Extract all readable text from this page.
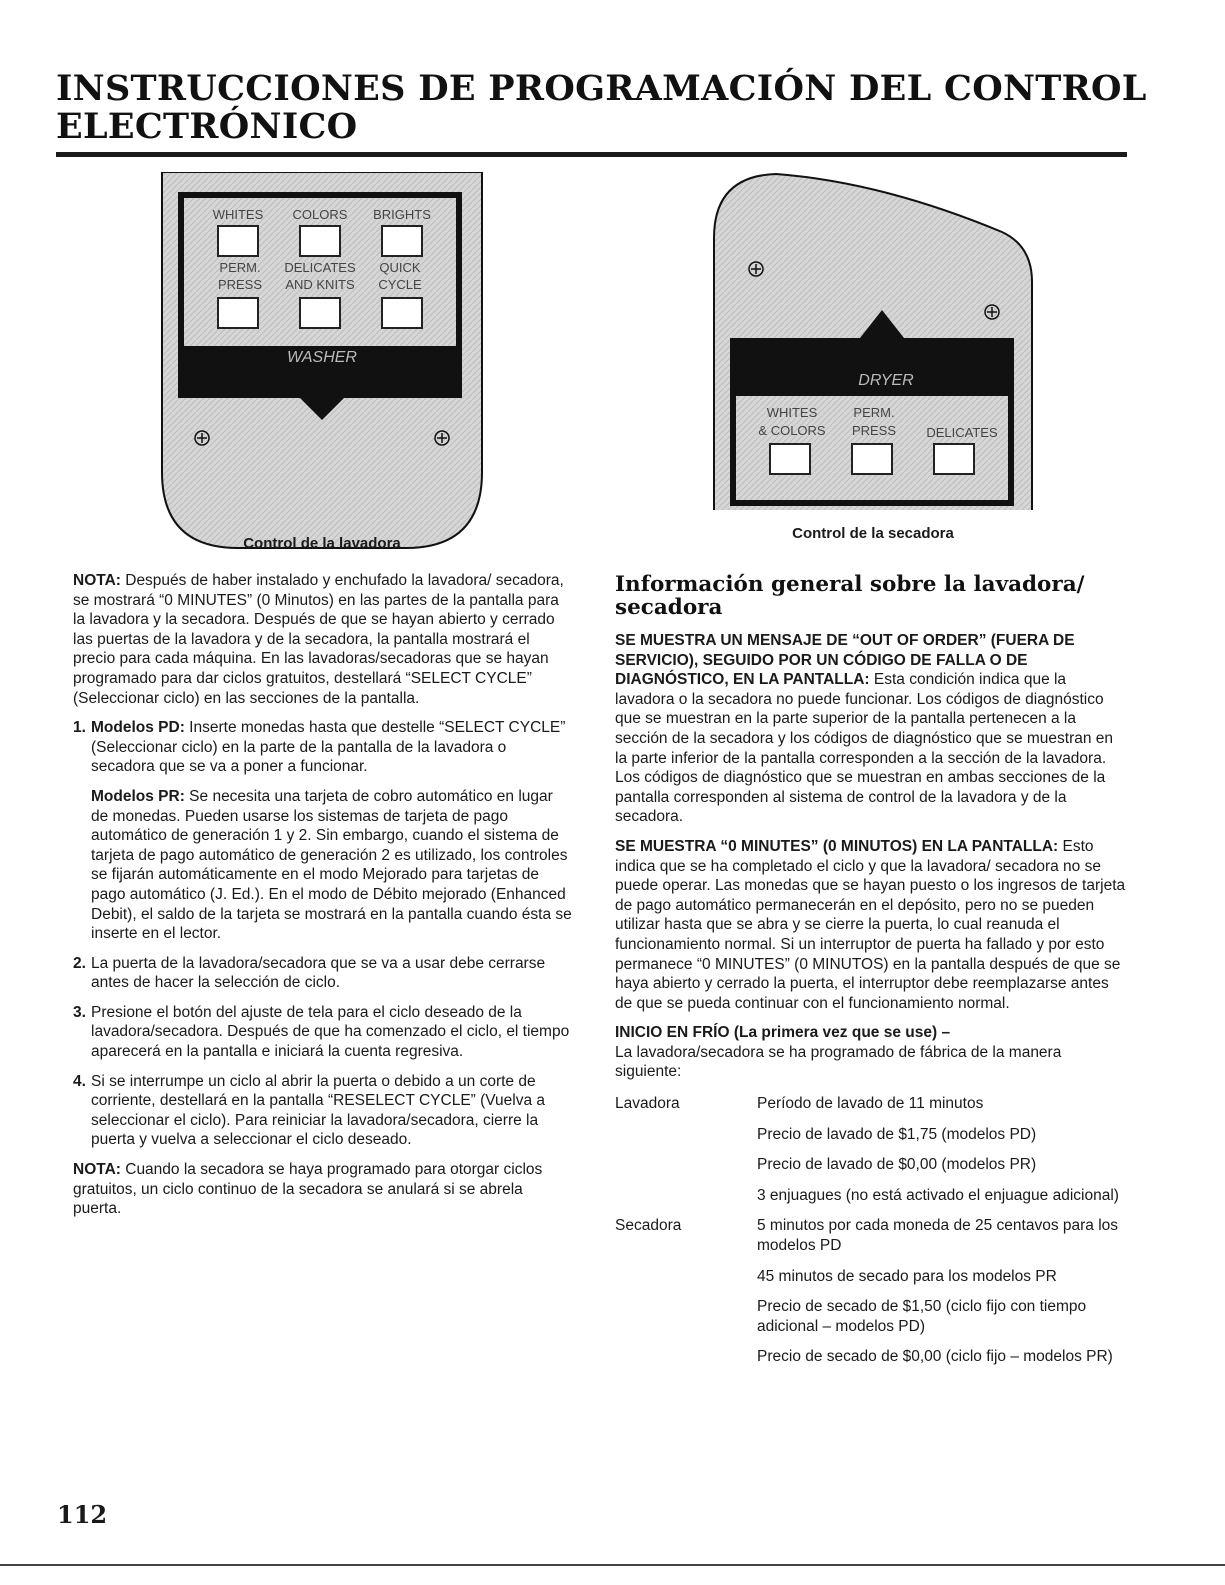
INSTRUCCIONES DE PROGRAMACIÓN DEL CONTROL ELECTRÓNICO
WHITES COLORS BRIGHTS
PERM. DELICATES QUICK
PRESS AND KNITS CYCLE
WASHER
Control de la lavadora
DRYER
WHITES	PERM.
& COLORS PRESS DELICATES
Control de la secadora

NOTA: Después de haber instalado y enchufado la lavadora/ secadora, se mostrará “0 MINUTES” (0 Minutos) en las partes de la pantalla para la lavadora y la secadora. Después de que se hayan abierto y cerrado las puertas de la lavadora y de la secadora, la pantalla mostrará el precio para cada máquina. En las lavadoras/secadoras que se hayan programado para dar ciclos gratuitos, destellará “SELECT CYCLE” (Seleccionar ciclo) en las secciones de la pantalla.

1. Modelos PD: Inserte monedas hasta que destelle “SELECT CYCLE” (Seleccionar ciclo) en la parte de la pantalla de la lavadora o secadora que se va a poner a funcionar.
Modelos PR: Se necesita una tarjeta de cobro automático en lugar de monedas. Pueden usarse los sistemas de tarjeta de pago automático de generación 1 y 2. Sin embargo, cuando el sistema de tarjeta de pago automático de generación 2 es utilizado, los controles se fijarán automáticamente en el modo Mejorado para tarjetas de pago automático (J. Ed.). En el modo de Débito mejorado (Enhanced Debit), el saldo de la tarjeta se mostrará en la pantalla cuando ésta se inserte en el lector.
2. La puerta de la lavadora/secadora que se va a usar debe cerrarse antes de hacer la selección de ciclo.
3. Presione el botón del ajuste de tela para el ciclo deseado de la lavadora/secadora. Después de que ha comenzado el ciclo, el tiempo aparecerá en la pantalla e iniciará la cuenta regresiva.
4. Si se interrumpe un ciclo al abrir la puerta o debido a un corte de corriente, destellará en la pantalla “RESELECT CYCLE” (Vuelva a seleccionar el ciclo). Para reiniciar la lavadora/secadora, cierre la puerta y vuelva a seleccionar el ciclo deseado.

NOTA: Cuando la secadora se haya programado para otorgar ciclos gratuitos, un ciclo continuo de la secadora se anulará si se abrela puerta.

Información general sobre la lavadora/ secadora

SE MUESTRA UN MENSAJE DE “OUT OF ORDER” (FUERA DE SERVICIO), SEGUIDO POR UN CÓDIGO DE FALLA O DE DIAGNÓSTICO, EN LA PANTALLA: Esta condición indica que la lavadora o la secadora no puede funcionar. Los códigos de diagnóstico que se muestran en la parte superior de la pantalla pertenecen a la sección de la secadora y los códigos de diagnóstico que se muestran en la parte inferior de la pantalla corresponden a la sección de la lavadora. Los códigos de diagnóstico que se muestran en ambas secciones de la pantalla corresponden al sistema de control de la lavadora y de la secadora.

SE MUESTRA “0 MINUTES” (0 MINUTOS) EN LA PANTALLA: Esto indica que se ha completado el ciclo y que la lavadora/ secadora no se puede operar. Las monedas que se hayan puesto o los ingresos de tarjeta de pago automático permanecerán en el depósito, pero no se pueden utilizar hasta que se abra y se cierre la puerta, lo cual reanuda el funcionamiento normal. Si un interruptor de puerta ha fallado y por esto permanece “0 MINUTES” (0 MINUTOS) en la pantalla después de que se haya abierto y cerrado la puerta, el interruptor debe reemplazarse antes de que se pueda continuar con el funcionamiento normal.

INICIO EN FRÍO (La primera vez que se use) –
La lavadora/secadora se ha programado de fábrica de la manera siguiente:

Lavadora	Período de lavado de 11 minutos
	Precio de lavado de $1,75 (modelos PD)
	Precio de lavado de $0,00 (modelos PR)
	3 enjuagues (no está activado el enjuague adicional)
Secadora	5 minutos por cada moneda de 25 centavos para los modelos PD
	45 minutos de secado para los modelos PR
	Precio de secado de $1,50 (ciclo fijo con tiempo adicional – modelos PD)
	Precio de secado de $0,00 (ciclo fijo – modelos PR)
112
